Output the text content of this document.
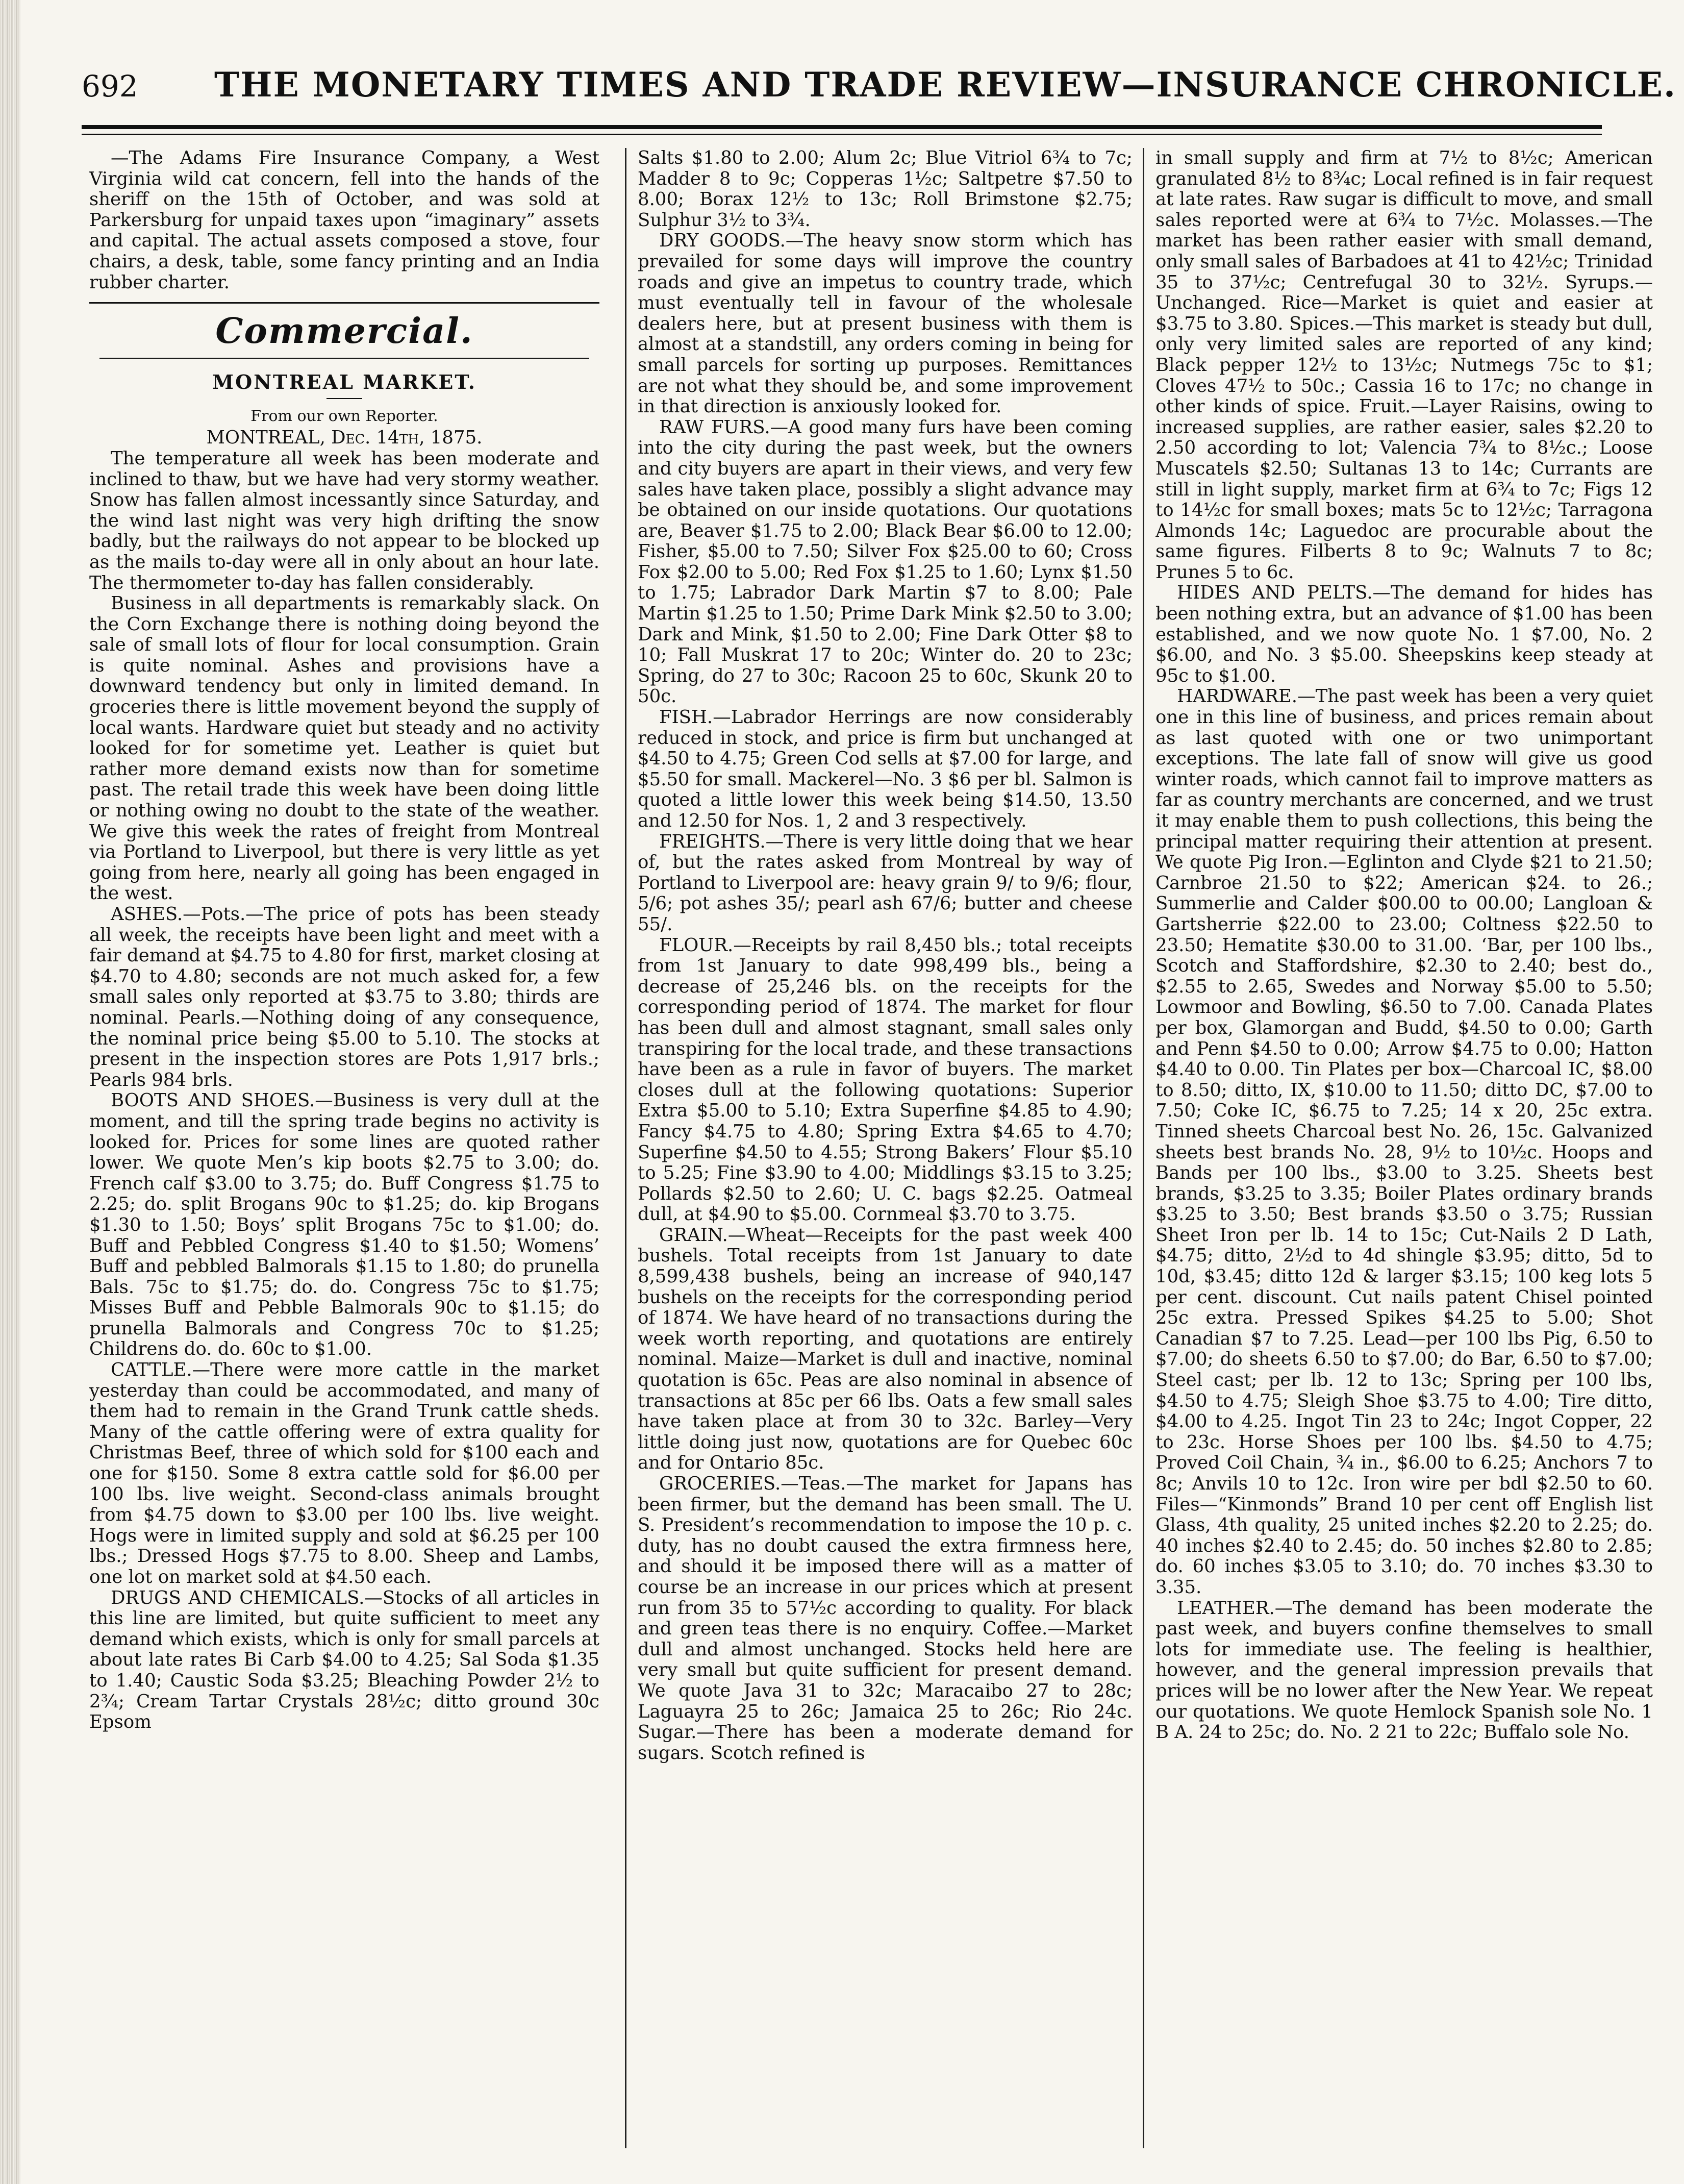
692 THE MONETARY TIMES AND TRADE REVIEW—INSURANCE CHRONICLE.

—The Adams Fire Insurance Company, a West Virginia wild cat concern, fell into the hands of the sheriff on the 15th of October, and was sold at Parkersburg for unpaid taxes upon “imaginary” assets and capital. The actual assets composed a stove, four chairs, a desk, table, some fancy printing and an India rubber charter.

Commercial.
MONTREAL MARKET.
From our own Reporter.

MONTREAL, Dec. 14th, 1875.

The temperature all week has been moderate and inclined to thaw, but we have had very stormy weather. Snow has fallen almost incessantly since Saturday, and the wind last night was very high drifting the snow badly, but the railways do not appear to be blocked up as the mails to-day were all in only about an hour late. The thermometer to-day has fallen considerably.

Business in all departments is remarkably slack. On the Corn Exchange there is nothing doing beyond the sale of small lots of flour for local consumption. Grain is quite nominal. Ashes and provisions have a downward tendency but only in limited demand. In groceries there is little movement beyond the supply of local wants. Hardware quiet but steady and no activity looked for for sometime yet. Leather is quiet but rather more demand exists now than for sometime past. The retail trade this week have been doing little or nothing owing no doubt to the state of the weather. We give this week the rates of freight from Montreal via Portland to Liverpool, but there is very little as yet going from here, nearly all going has been engaged in the west.

ASHES.—Pots.—The price of pots has been steady all week, the receipts have been light and meet with a fair demand at $4.75 to 4.80 for first, market closing at $4.70 to 4.80; seconds are not much asked for, a few small sales only reported at $3.75 to 3.80; thirds are nominal. Pearls.—Nothing doing of any consequence, the nominal price being $5.00 to 5.10. The stocks at present in the inspection stores are Pots 1,917 brls.; Pearls 984 brls.

BOOTS AND SHOES.—Business is very dull at the moment, and till the spring trade begins no activity is looked for. Prices for some lines are quoted rather lower. We quote Men’s kip boots $2.75 to 3.00; do. French calf $3.00 to 3.75; do. Buff Congress $1.75 to 2.25; do. split Brogans 90c to $1.25; do. kip Brogans $1.30 to 1.50; Boys’ split Brogans 75c to $1.00; do. Buff and Pebbled Congress $1.40 to $1.50; Womens’ Buff and pebbled Balmorals $1.15 to 1.80; do prunella Bals. 75c to $1.75; do. do. Congress 75c to $1.75; Misses Buff and Pebble Balmorals 90c to $1.15; do prunella Balmorals and Congress 70c to $1.25; Childrens do. do. 60c to $1.00.

CATTLE.—There were more cattle in the market yesterday than could be accommodated, and many of them had to remain in the Grand Trunk cattle sheds. Many of the cattle offering were of extra quality for Christmas Beef, three of which sold for $100 each and one for $150. Some 8 extra cattle sold for $6.00 per 100 lbs. live weight. Second-class animals brought from $4.75 down to $3.00 per 100 lbs. live weight. Hogs were in limited supply and sold at $6.25 per 100 lbs.; Dressed Hogs $7.75 to 8.00. Sheep and Lambs, one lot on market sold at $4.50 each.

DRUGS AND CHEMICALS.—Stocks of all articles in this line are limited, but quite sufficient to meet any demand which exists, which is only for small parcels at about late rates Bi Carb $4.00 to 4.25; Sal Soda $1.35 to 1.40; Caustic Soda $3.25; Bleaching Powder 2½ to 2¾; Cream Tartar Crystals 28½c; ditto ground 30c Epsom

Salts $1.80 to 2.00; Alum 2c; Blue Vitriol 6¾ to 7c; Madder 8 to 9c; Copperas 1½c; Saltpetre $7.50 to 8.00; Borax 12½ to 13c; Roll Brimstone $2.75; Sulphur 3½ to 3¾.

DRY GOODS.—The heavy snow storm which has prevailed for some days will improve the country roads and give an impetus to country trade, which must eventually tell in favour of the wholesale dealers here, but at present business with them is almost at a standstill, any orders coming in being for small parcels for sorting up purposes. Remittances are not what they should be, and some improvement in that direction is anxiously looked for.

RAW FURS.—A good many furs have been coming into the city during the past week, but the owners and city buyers are apart in their views, and very few sales have taken place, possibly a slight advance may be obtained on our inside quotations. Our quotations are, Beaver $1.75 to 2.00; Black Bear $6.00 to 12.00; Fisher, $5.00 to 7.50; Silver Fox $25.00 to 60; Cross Fox $2.00 to 5.00; Red Fox $1.25 to 1.60; Lynx $1.50 to 1.75; Labrador Dark Martin $7 to 8.00; Pale Martin $1.25 to 1.50; Prime Dark Mink $2.50 to 3.00; Dark and Mink, $1.50 to 2.00; Fine Dark Otter $8 to 10; Fall Muskrat 17 to 20c; Winter do. 20 to 23c; Spring, do 27 to 30c; Racoon 25 to 60c, Skunk 20 to 50c.

FISH.—Labrador Herrings are now considerably reduced in stock, and price is firm but unchanged at $4.50 to 4.75; Green Cod sells at $7.00 for large, and $5.50 for small. Mackerel—No. 3 $6 per bl. Salmon is quoted a little lower this week being $14.50, 13.50 and 12.50 for Nos. 1, 2 and 3 respectively.

FREIGHTS.—There is very little doing that we hear of, but the rates asked from Montreal by way of Portland to Liverpool are: heavy grain 9/ to 9/6; flour, 5/6; pot ashes 35/; pearl ash 67/6; butter and cheese 55/.

FLOUR.—Receipts by rail 8,450 bls.; total receipts from 1st January to date 998,499 bls., being a decrease of 25,246 bls. on the receipts for the corresponding period of 1874. The market for flour has been dull and almost stagnant, small sales only transpiring for the local trade, and these transactions have been as a rule in favor of buyers. The market closes dull at the following quotations: Superior Extra $5.00 to 5.10; Extra Superfine $4.85 to 4.90; Fancy $4.75 to 4.80; Spring Extra $4.65 to 4.70; Superfine $4.50 to 4.55; Strong Bakers’ Flour $5.10 to 5.25; Fine $3.90 to 4.00; Middlings $3.15 to 3.25; Pollards $2.50 to 2.60; U. C. bags $2.25. Oatmeal dull, at $4.90 to $5.00. Cornmeal $3.70 to 3.75.

GRAIN.—Wheat—Receipts for the past week 400 bushels. Total receipts from 1st January to date 8,599,438 bushels, being an increase of 940,147 bushels on the receipts for the corresponding period of 1874. We have heard of no transactions during the week worth reporting, and quotations are entirely nominal. Maize—Market is dull and inactive, nominal quotation is 65c. Peas are also nominal in absence of transactions at 85c per 66 lbs. Oats a few small sales have taken place at from 30 to 32c. Barley—Very little doing just now, quotations are for Quebec 60c and for Ontario 85c.

GROCERIES.—Teas.—The market for Japans has been firmer, but the demand has been small. The U. S. President’s recommendation to impose the 10 p. c. duty, has no doubt caused the extra firmness here, and should it be imposed there will as a matter of course be an increase in our prices which at present run from 35 to 57½c according to quality. For black and green teas there is no enquiry. Coffee.—Market dull and almost unchanged. Stocks held here are very small but quite sufficient for present demand. We quote Java 31 to 32c; Maracaibo 27 to 28c; Laguayra 25 to 26c; Jamaica 25 to 26c; Rio 24c. Sugar.—There has been a moderate demand for sugars. Scotch refined is

in small supply and firm at 7½ to 8½c; American granulated 8½ to 8¾c; Local refined is in fair request at late rates. Raw sugar is difficult to move, and small sales reported were at 6¾ to 7½c. Molasses.—The market has been rather easier with small demand, only small sales of Barbadoes at 41 to 42½c; Trinidad 35 to 37½c; Centrefugal 30 to 32½. Syrups.—Unchanged. Rice—Market is quiet and easier at $3.75 to 3.80. Spices.—This market is steady but dull, only very limited sales are reported of any kind; Black pepper 12½ to 13½c; Nutmegs 75c to $1; Cloves 47½ to 50c.; Cassia 16 to 17c; no change in other kinds of spice. Fruit.—Layer Raisins, owing to increased supplies, are rather easier, sales $2.20 to 2.50 according to lot; Valencia 7¾ to 8½c.; Loose Muscatels $2.50; Sultanas 13 to 14c; Currants are still in light supply, market firm at 6¾ to 7c; Figs 12 to 14½c for small boxes; mats 5c to 12½c; Tarragona Almonds 14c; Laguedoc are procurable about the same figures. Filberts 8 to 9c; Walnuts 7 to 8c; Prunes 5 to 6c.

HIDES AND PELTS.—The demand for hides has been nothing extra, but an advance of $1.00 has been established, and we now quote No. 1 $7.00, No. 2 $6.00, and No. 3 $5.00. Sheepskins keep steady at 95c to $1.00.

HARDWARE.—The past week has been a very quiet one in this line of business, and prices remain about as last quoted with one or two unimportant exceptions. The late fall of snow will give us good winter roads, which cannot fail to improve matters as far as country merchants are concerned, and we trust it may enable them to push collections, this being the principal matter requiring their attention at present. We quote Pig Iron.—Eglinton and Clyde $21 to 21.50; Carnbroe 21.50 to $22; American $24. to 26.; Summerlie and Calder $00.00 to 00.00; Langloan & Gartsherrie $22.00 to 23.00; Coltness $22.50 to 23.50; Hematite $30.00 to 31.00. ‘Bar, per 100 lbs., Scotch and Staffordshire, $2.30 to 2.40; best do., $2.55 to 2.65, Swedes and Norway $5.00 to 5.50; Lowmoor and Bowling, $6.50 to 7.00. Canada Plates per box, Glamorgan and Budd, $4.50 to 0.00; Garth and Penn $4.50 to 0.00; Arrow $4.75 to 0.00; Hatton $4.40 to 0.00. Tin Plates per box—Charcoal IC, $8.00 to 8.50; ditto, IX, $10.00 to 11.50; ditto DC, $7.00 to 7.50; Coke IC, $6.75 to 7.25; 14 x 20, 25c extra. Tinned sheets Charcoal best No. 26, 15c. Galvanized sheets best brands No. 28, 9½ to 10½c. Hoops and Bands per 100 lbs., $3.00 to 3.25. Sheets best brands, $3.25 to 3.35; Boiler Plates ordinary brands $3.25 to 3.50; Best brands $3.50 o 3.75; Russian Sheet Iron per lb. 14 to 15c; Cut-Nails 2 D Lath, $4.75; ditto, 2½d to 4d shingle $3.95; ditto, 5d to 10d, $3.45; ditto 12d & larger $3.15; 100 keg lots 5 per cent. discount. Cut nails patent Chisel pointed 25c extra. Pressed Spikes $4.25 to 5.00; Shot Canadian $7 to 7.25. Lead—per 100 lbs Pig, 6.50 to $7.00; do sheets 6.50 to $7.00; do Bar, 6.50 to $7.00; Steel cast; per lb. 12 to 13c; Spring per 100 lbs, $4.50 to 4.75; Sleigh Shoe $3.75 to 4.00; Tire ditto, $4.00 to 4.25. Ingot Tin 23 to 24c; Ingot Copper, 22 to 23c. Horse Shoes per 100 lbs. $4.50 to 4.75; Proved Coil Chain, ¾ in., $6.00 to 6.25; Anchors 7 to 8c; Anvils 10 to 12c. Iron wire per bdl $2.50 to 60. Files—“Kinmonds” Brand 10 per cent off English list Glass, 4th quality, 25 united inches $2.20 to 2.25; do. 40 inches $2.40 to 2.45; do. 50 inches $2.80 to 2.85; do. 60 inches $3.05 to 3.10; do. 70 inches $3.30 to 3.35.

LEATHER.—The demand has been moderate the past week, and buyers confine themselves to small lots for immediate use. The feeling is healthier, however, and the general impression prevails that prices will be no lower after the New Year. We repeat our quotations. We quote Hemlock Spanish sole No. 1 B A. 24 to 25c; do. No. 2 21 to 22c; Buffalo sole No.
